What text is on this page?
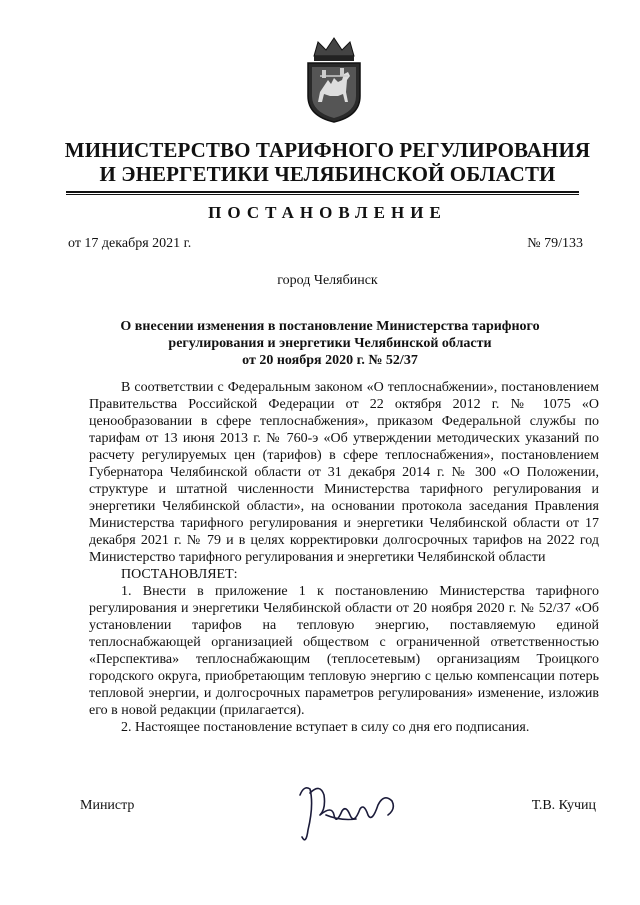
МИНИСТЕРСТВО ТАРИФНОГО РЕГУЛИРОВАНИЯ
И ЭНЕРГЕТИКИ ЧЕЛЯБИНСКОЙ ОБЛАСТИ
ПОСТАНОВЛЕНИЕ
от 17 декабря 2021 г.	№ 79/133
город Челябинск
О внесении изменения в постановление Министерства тарифного
регулирования и энергетики Челябинской области
от 20 ноября 2020 г. № 52/37

В соответствии с Федеральным законом «О теплоснабжении», постановлением Правительства Российской Федерации от 22 октября 2012 г. № 1075 «О ценообразовании в сфере теплоснабжения», приказом Федеральной службы по тарифам от 13 июня 2013 г. № 760-э «Об утверждении методических указаний по расчету регулируемых цен (тарифов) в сфере теплоснабжения», постановлением Губернатора Челябинской области от 31 декабря 2014 г. № 300 «О Положении, структуре и штатной численности Министерства тарифного регулирования и энергетики Челябинской области», на основании протокола заседания Правления Министерства тарифного регулирования и энергетики Челябинской области от 17 декабря 2021 г. № 79 и в целях корректировки долгосрочных тарифов на 2022 год Министерство тарифного регулирования и энергетики Челябинской области

ПОСТАНОВЛЯЕТ:

1. Внести в приложение 1 к постановлению Министерства тарифного регулирования и энергетики Челябинской области от 20 ноября 2020 г. № 52/37 «Об установлении тарифов на тепловую энергию, поставляемую единой теплоснабжающей организацией обществом с ограниченной ответственностью «Перспектива» теплоснабжающим (теплосетевым) организациям Троицкого городского округа, приобретающим тепловую энергию с целью компенсации потерь тепловой энергии, и долгосрочных параметров регулирования» изменение, изложив его в новой редакции (прилагается).

2. Настоящее постановление вступает в силу со дня его подписания.

Министр	Т.В. Кучиц
